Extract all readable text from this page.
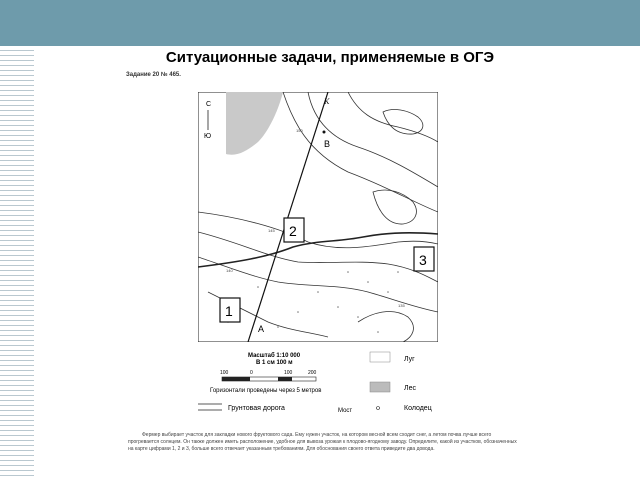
Ситуационные задачи, применяемые в ОГЭ
Задание 20 № 465.
С
Ю
К
В
А
2
3
1
150
145
140
135
Масштаб 1:10 000
В 1 см 100 м
100	0	100	200
Горизонтали проведены через 5 метров
Луг
Лес
Грунтовая дорога	Мост	Колодец

Фермер выбирает участок для закладки нового фруктового сада. Ему нужен участок, на котором весной всем сходит снег, а летом почва лучше всего прогревается солнцем. Он также должен иметь расположение, удобное для вывоза урожая к плодово-ягодному заводу. Определите, какой из участков, обозначенных на карте цифрами 1, 2 и 3, больше всего отвечает указанным требованиям. Для обоснования своего ответа приведите два довода.
